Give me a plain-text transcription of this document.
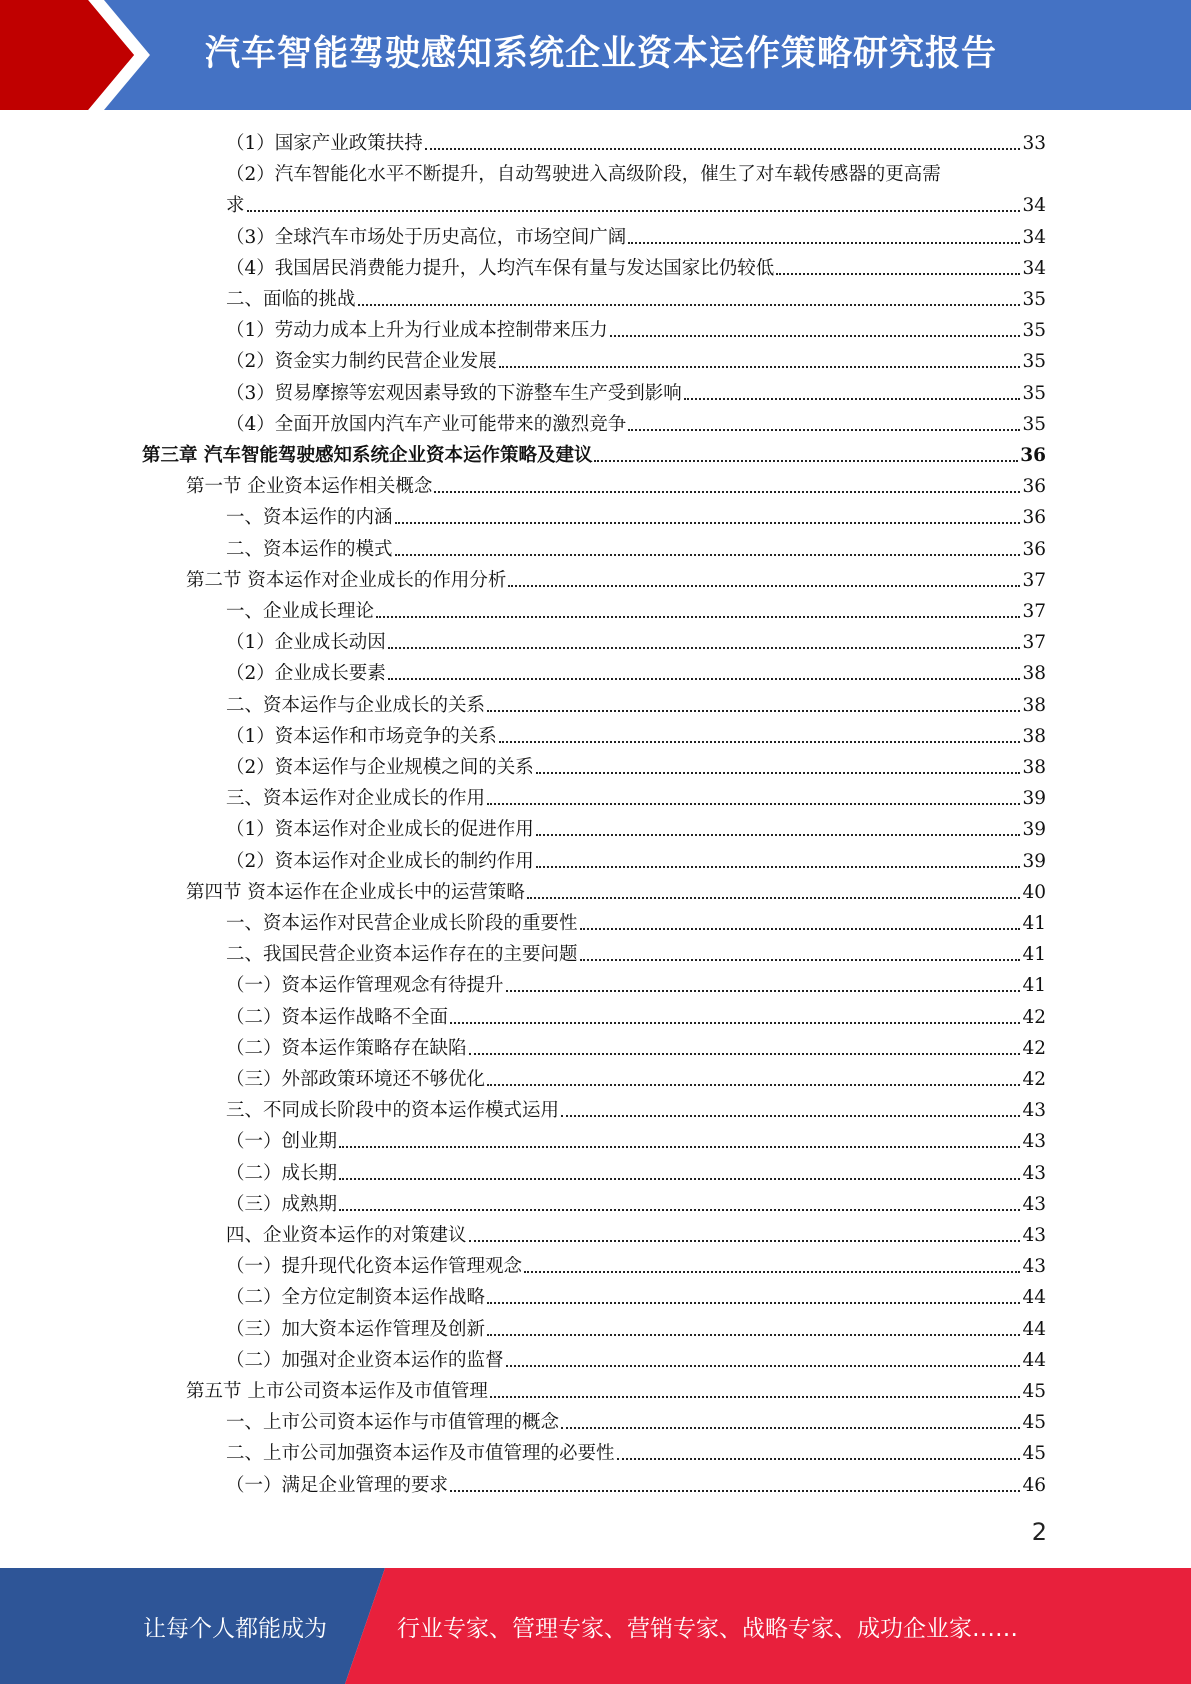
汽车智能驾驶感知系统企业资本运作策略研究报告
（1）国家产业政策扶持	33
（2）汽车智能化水平不断提升，自动驾驶进入高级阶段，催生了对车载传感器的更高需
求	34
（3）全球汽车市场处于历史高位，市场空间广阔	34
（4）我国居民消费能力提升，人均汽车保有量与发达国家比仍较低	34
二、面临的挑战	35
（1）劳动力成本上升为行业成本控制带来压力	35
（2）资金实力制约民营企业发展	35
（3）贸易摩擦等宏观因素导致的下游整车生产受到影响	35
（4）全面开放国内汽车产业可能带来的激烈竞争	35
第三章 汽车智能驾驶感知系统企业资本运作策略及建议	36
第一节 企业资本运作相关概念	36
一、资本运作的内涵	36
二、资本运作的模式	36
第二节 资本运作对企业成长的作用分析	37
一、企业成长理论	37
（1）企业成长动因	37
（2）企业成长要素	38
二、资本运作与企业成长的关系	38
（1）资本运作和市场竞争的关系	38
（2）资本运作与企业规模之间的关系	38
三、资本运作对企业成长的作用	39
（1）资本运作对企业成长的促进作用	39
（2）资本运作对企业成长的制约作用	39
第四节 资本运作在企业成长中的运营策略	40
一、资本运作对民营企业成长阶段的重要性	41
二、我国民营企业资本运作存在的主要问题	41
（一）资本运作管理观念有待提升	41
（二）资本运作战略不全面	42
（二）资本运作策略存在缺陷	42
（三）外部政策环境还不够优化	42
三、不同成长阶段中的资本运作模式运用	43
（一）创业期	43
（二）成长期	43
（三）成熟期	43
四、企业资本运作的对策建议	43
（一）提升现代化资本运作管理观念	43
（二）全方位定制资本运作战略	44
（三）加大资本运作管理及创新	44
（二）加强对企业资本运作的监督	44
第五节 上市公司资本运作及市值管理	45
一、上市公司资本运作与市值管理的概念	45
二、上市公司加强资本运作及市值管理的必要性	45
（一）满足企业管理的要求	46
2
让每个人都能成为	行业专家、管理专家、营销专家、战略专家、成功企业家……
